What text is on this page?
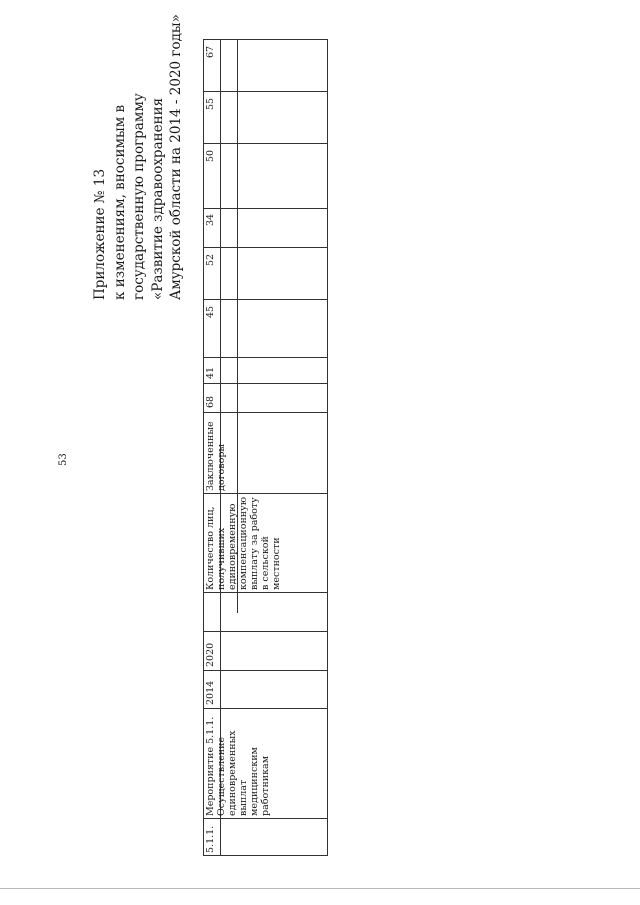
53
Приложение № 13 к изменениям, вносимым в государственную программу «Развитие здравоохранения Амурской области на 2014 - 2020 годы»
5.1.1.
Мероприятие 5.1.1. Осуществление единовременных выплат медицинским работникам
2014
2020
Количество лиц, получивших единовременную компенсационную выплату за работу в сельской местности
Заключенные договоры
68
41
45
52
34
50
55
67
